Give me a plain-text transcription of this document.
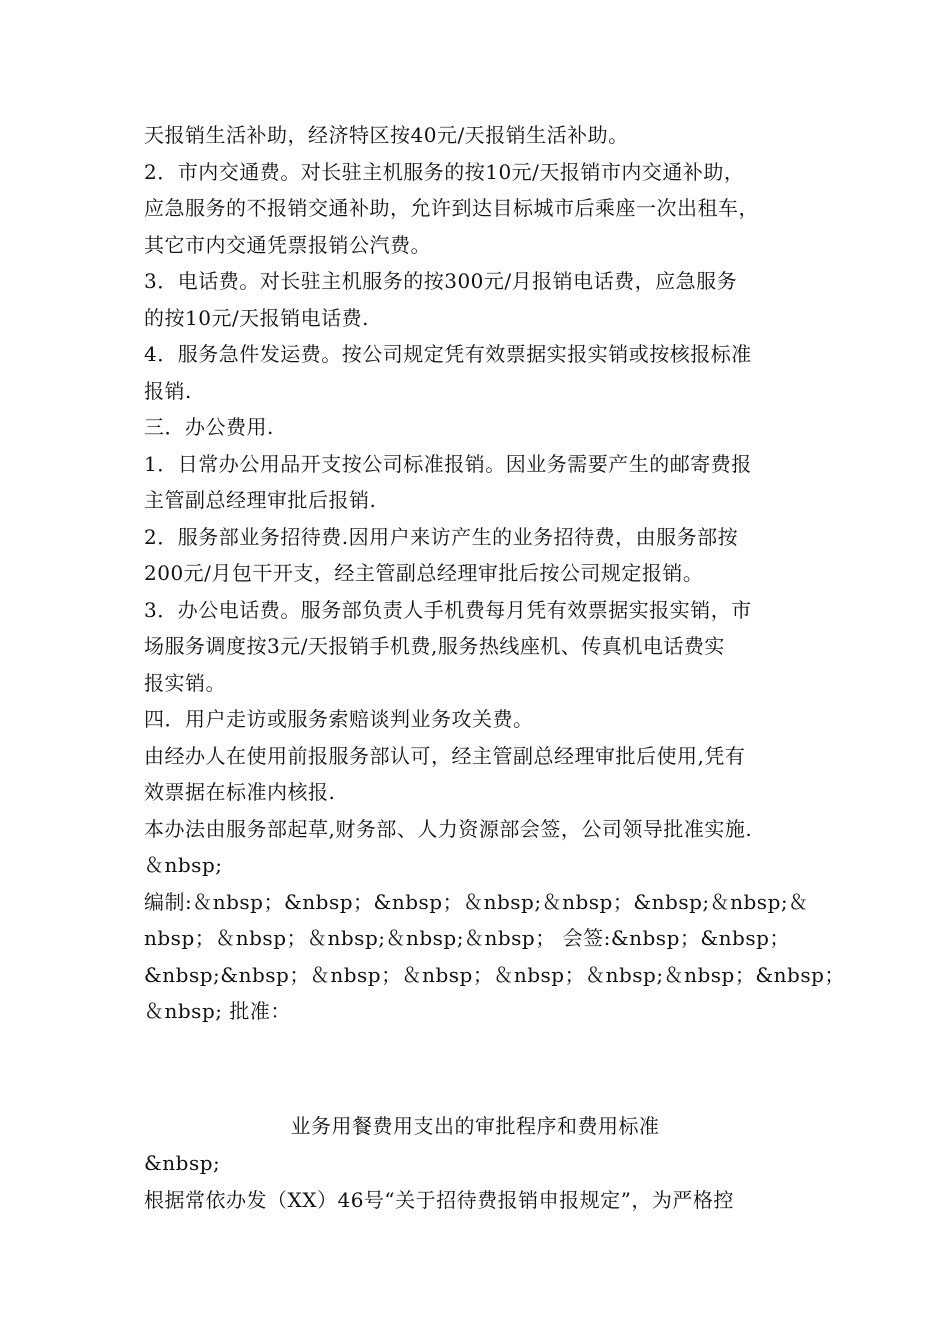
天报销生活补助，经济特区按40元/天报销生活补助。
2．市内交通费。对长驻主机服务的按10元/天报销市内交通补助，
应急服务的不报销交通补助，允许到达目标城市后乘座一次出租车，
其它市内交通凭票报销公汽费。
3．电话费。对长驻主机服务的按300元/月报销电话费，应急服务
的按10元/天报销电话费.
4．服务急件发运费。按公司规定凭有效票据实报实销或按核报标准
报销.
三．办公费用.
1．日常办公用品开支按公司标准报销。因业务需要产生的邮寄费报
主管副总经理审批后报销.
2．服务部业务招待费.因用户来访产生的业务招待费，由服务部按
200元/月包干开支，经主管副总经理审批后按公司规定报销。
3．办公电话费。服务部负责人手机费每月凭有效票据实报实销，市
场服务调度按3元/天报销手机费,服务热线座机、传真机电话费实
报实销。
四．用户走访或服务索赔谈判业务攻关费。
由经办人在使用前报服务部认可，经主管副总经理审批后使用,凭有
效票据在标准内核报.
本办法由服务部起草,财务部、人力资源部会签，公司领导批准实施.
＆nbsp;
编制:＆nbsp；&nbsp；&nbsp；＆nbsp;＆nbsp；&nbsp;＆nbsp;＆
nbsp；＆nbsp；＆nbsp;＆nbsp;＆nbsp； 会签:&nbsp；&nbsp；
&nbsp;&nbsp；＆nbsp；＆nbsp；＆nbsp；＆nbsp;＆nbsp；&nbsp；
＆nbsp; 批准：
业务用餐费用支出的审批程序和费用标准
&nbsp;
根据常依办发（XX）46号“关于招待费报销申报规定”，为严格控
